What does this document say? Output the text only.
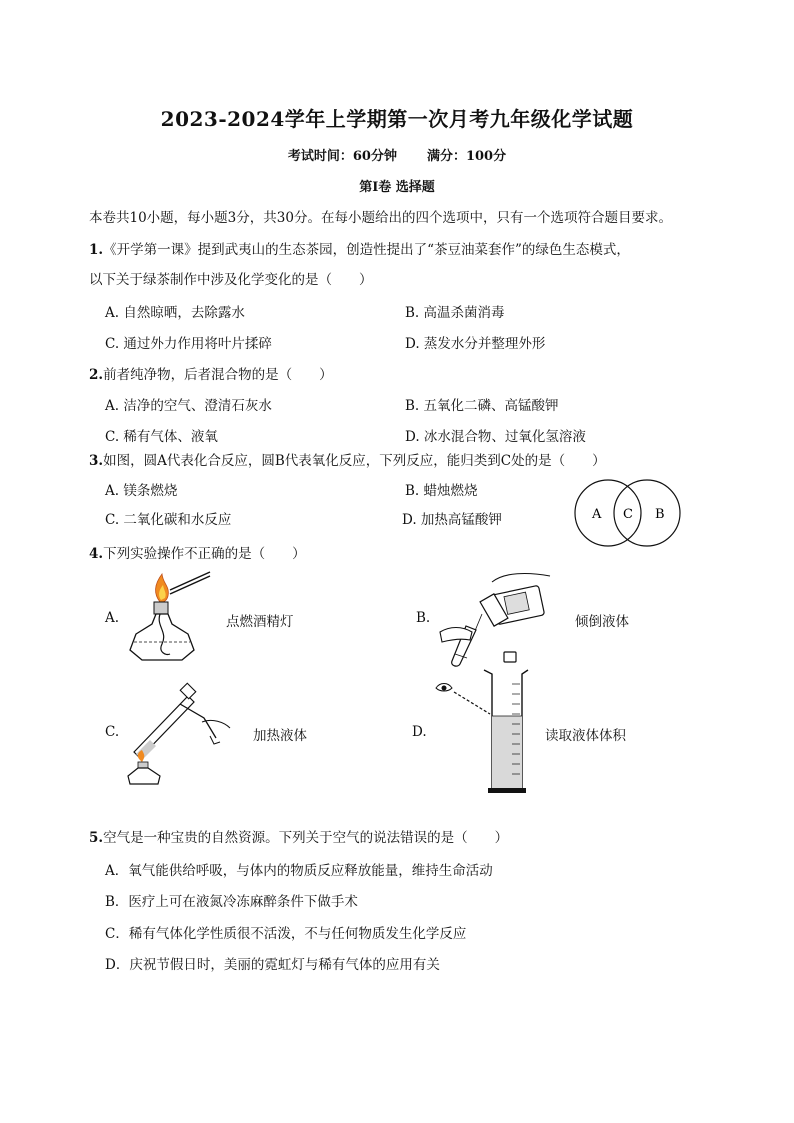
2023-2024学年上学期第一次月考九年级化学试题
考试时间：60分钟 满分：100分
第I卷 选择题
本卷共10小题，每小题3分，共30分。在每小题给出的四个选项中，只有一个选项符合题目要求。
1.《开学第一课》提到武夷山的生态茶园，创造性提出了“茶豆油菜套作”的绿色生态模式，
以下关于绿茶制作中涉及化学变化的是（　　）
A. 自然晾晒，去除露水	B. 高温杀菌消毒
C. 通过外力作用将叶片揉碎	D. 蒸发水分并整理外形
2.前者纯净物，后者混合物的是（　　）
A. 洁净的空气、澄清石灰水	B. 五氧化二磷、高锰酸钾
C. 稀有气体、液氧	D. 冰水混合物、过氧化氢溶液
3.如图，圆A代表化合反应，圆B代表氧化反应，下列反应，能归类到C处的是（　　）
A. 镁条燃烧	B. 蜡烛燃烧
C. 二氧化碳和水反应	D. 加热高锰酸钾	A C B
4.下列实验操作不正确的是（　　）
A.	点燃酒精灯	B.	倾倒液体
C.	加热液体	D.	读取液体体积
5.空气是一种宝贵的自然资源。下列关于空气的说法错误的是（　　）
A．氧气能供给呼吸，与体内的物质反应释放能量，维持生命活动
B．医疗上可在液氮冷冻麻醉条件下做手术
C．稀有气体化学性质很不活泼，不与任何物质发生化学反应
D．庆祝节假日时，美丽的霓虹灯与稀有气体的应用有关
